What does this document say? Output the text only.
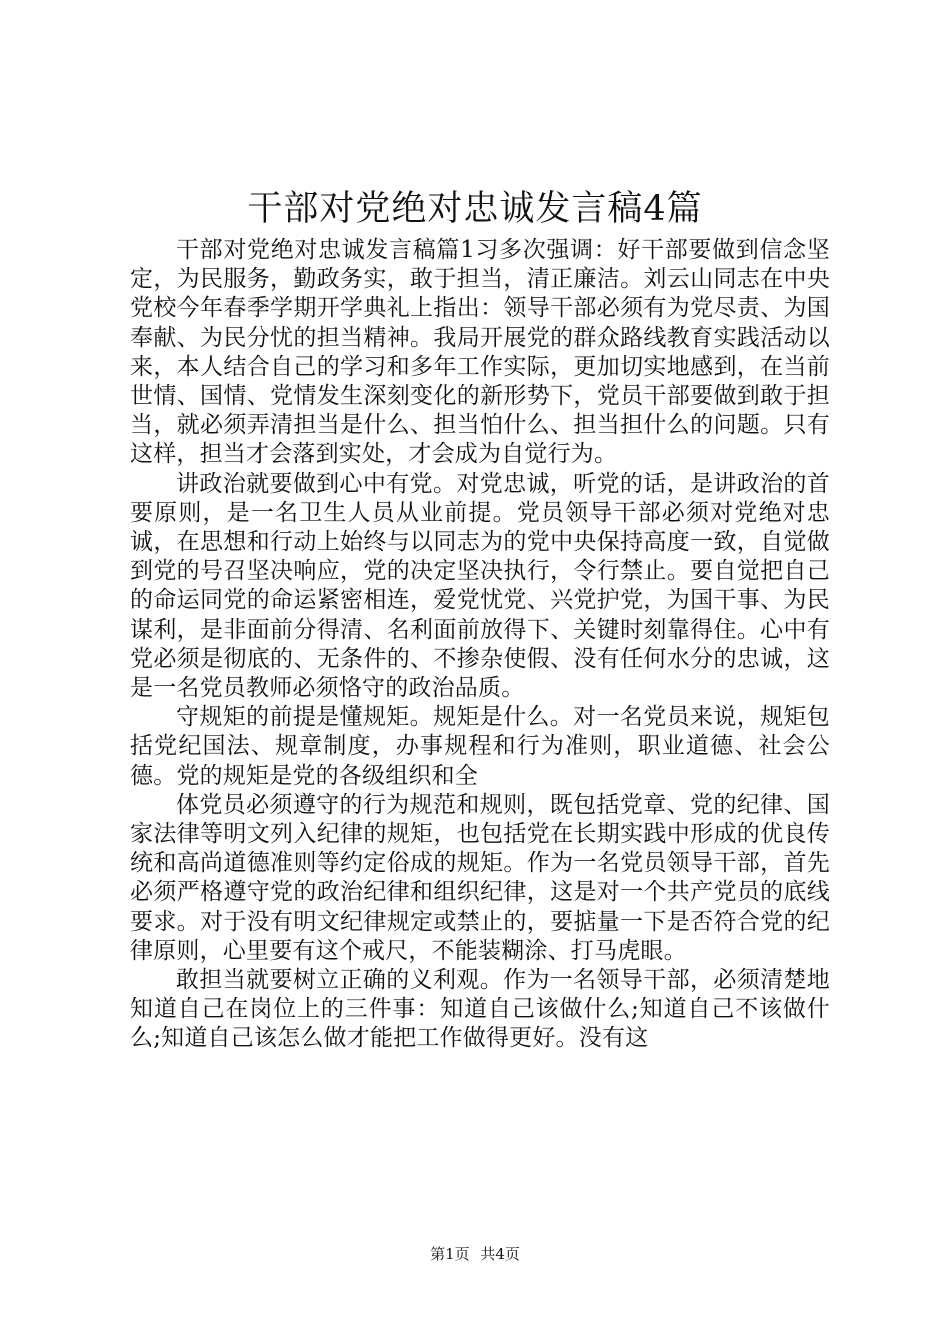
干部对党绝对忠诚发言稿4篇

干部对党绝对忠诚发言稿篇1习多次强调：好干部要做到信念坚定，为民服务，勤政务实，敢于担当，清正廉洁。刘云山同志在中央党校今年春季学期开学典礼上指出：领导干部必须有为党尽责、为国奉献、为民分忧的担当精神。我局开展党的群众路线教育实践活动以来，本人结合自己的学习和多年工作实际，更加切实地感到，在当前世情、国情、党情发生深刻变化的新形势下，党员干部要做到敢于担当，就必须弄清担当是什么、担当怕什么、担当担什么的问题。只有这样，担当才会落到实处，才会成为自觉行为。

讲政治就要做到心中有党。对党忠诚，听党的话，是讲政治的首要原则，是一名卫生人员从业前提。党员领导干部必须对党绝对忠诚，在思想和行动上始终与以同志为的党中央保持高度一致，自觉做到党的号召坚决响应，党的决定坚决执行，令行禁止。要自觉把自己的命运同党的命运紧密相连，爱党忧党、兴党护党，为国干事、为民谋利，是非面前分得清、名利面前放得下、关键时刻靠得住。心中有党必须是彻底的、无条件的、不掺杂使假、没有任何水分的忠诚，这是一名党员教师必须恪守的政治品质。

守规矩的前提是懂规矩。规矩是什么。对一名党员来说，规矩包括党纪国法、规章制度，办事规程和行为准则，职业道德、社会公德。党的规矩是党的各级组织和全

体党员必须遵守的行为规范和规则，既包括党章、党的纪律、国家法律等明文列入纪律的规矩，也包括党在长期实践中形成的优良传统和高尚道德准则等约定俗成的规矩。作为一名党员领导干部，首先必须严格遵守党的政治纪律和组织纪律，这是对一个共产党员的底线要求。对于没有明文纪律规定或禁止的，要掂量一下是否符合党的纪律原则，心里要有这个戒尺，不能装糊涂、打马虎眼。

敢担当就要树立正确的义利观。作为一名领导干部，必须清楚地知道自己在岗位上的三件事：知道自己该做什么;知道自己不该做什么;知道自己该怎么做才能把工作做得更好。没有这

第1页 共4页
